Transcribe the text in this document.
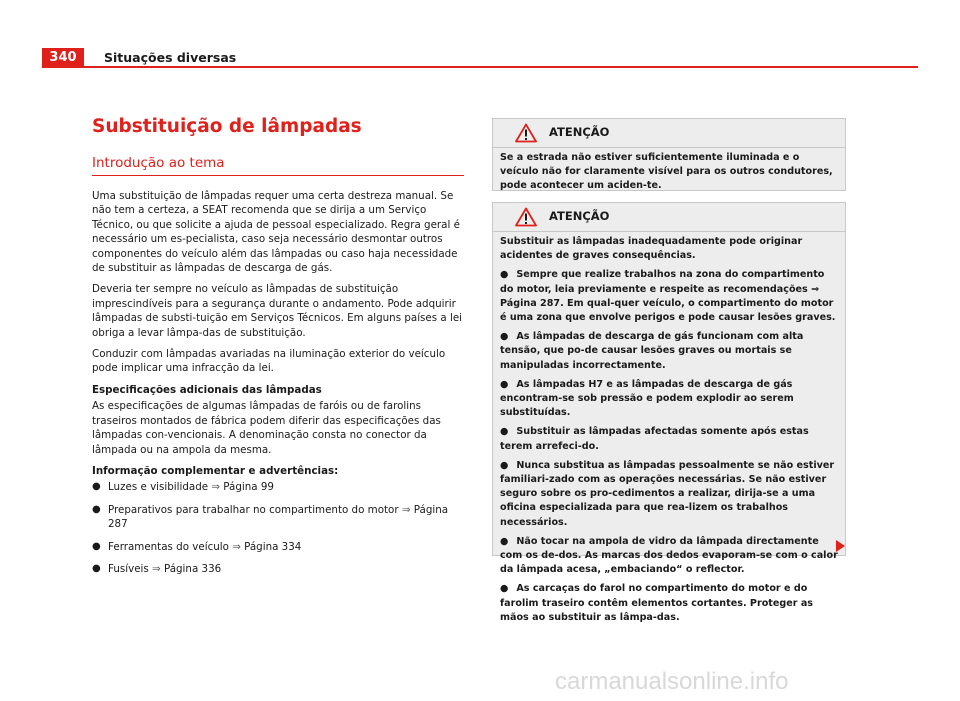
340	Situações diversas
Substituição de lâmpadas
Introdução ao tema

Uma substituição de lâmpadas requer uma certa destreza manual. Se não tem a certeza, a SEAT recomenda que se dirija a um Serviço Técnico, ou que solicite a ajuda de pessoal especializado. Regra geral é necessário um es-pecialista, caso seja necessário desmontar outros componentes do veículo além das lâmpadas ou caso haja necessidade de substituir as lâmpadas de descarga de gás.

Deveria ter sempre no veículo as lâmpadas de substituição imprescindíveis para a segurança durante o andamento. Pode adquirir lâmpadas de substi-tuição em Serviços Técnicos. Em alguns países a lei obriga a levar lâmpa-das de substituição.

Conduzir com lâmpadas avariadas na iluminação exterior do veículo pode implicar uma infracção da lei.

Especificações adicionais das lâmpadas

As especificações de algumas lâmpadas de faróis ou de farolins traseiros montados de fábrica podem diferir das especificações das lâmpadas con-vencionais. A denominação consta no conector da lâmpada ou na ampola da mesma.

Informação complementar e advertências:

● Luzes e visibilidade ⇒ Página 99
● Preparativos para trabalhar no compartimento do motor ⇒ Página 287
● Ferramentas do veículo ⇒ Página 334
● Fusíveis ⇒ Página 336
ATENÇÃO

Se a estrada não estiver suficientemente iluminada e o veículo não for claramente visível para os outros condutores, pode acontecer um aciden-te.

ATENÇÃO

Substituir as lâmpadas inadequadamente pode originar acidentes de graves consequências.

● Sempre que realize trabalhos na zona do compartimento do motor, leia previamente e respeite as recomendações ⇒ Página 287. Em qual-quer veículo, o compartimento do motor é uma zona que envolve perigos e pode causar lesões graves.

● As lâmpadas de descarga de gás funcionam com alta tensão, que po-de causar lesões graves ou mortais se manipuladas incorrectamente.

● As lâmpadas H7 e as lâmpadas de descarga de gás encontram-se sob pressão e podem explodir ao serem substituídas.

● Substituir as lâmpadas afectadas somente após estas terem arrefeci-do.

● Nunca substitua as lâmpadas pessoalmente se não estiver familiari-zado com as operações necessárias. Se não estiver seguro sobre os pro-cedimentos a realizar, dirija-se a uma oficina especializada para que rea-lizem os trabalhos necessários.

● Não tocar na ampola de vidro da lâmpada directamente com os de-dos. As marcas dos dedos evaporam-se com o calor da lâmpada acesa, „embaciando“ o reflector.

● As carcaças do farol no compartimento do motor e do farolim traseiro contêm elementos cortantes. Proteger as mãos ao substituir as lâmpa-das.

carmanualsonline.info
